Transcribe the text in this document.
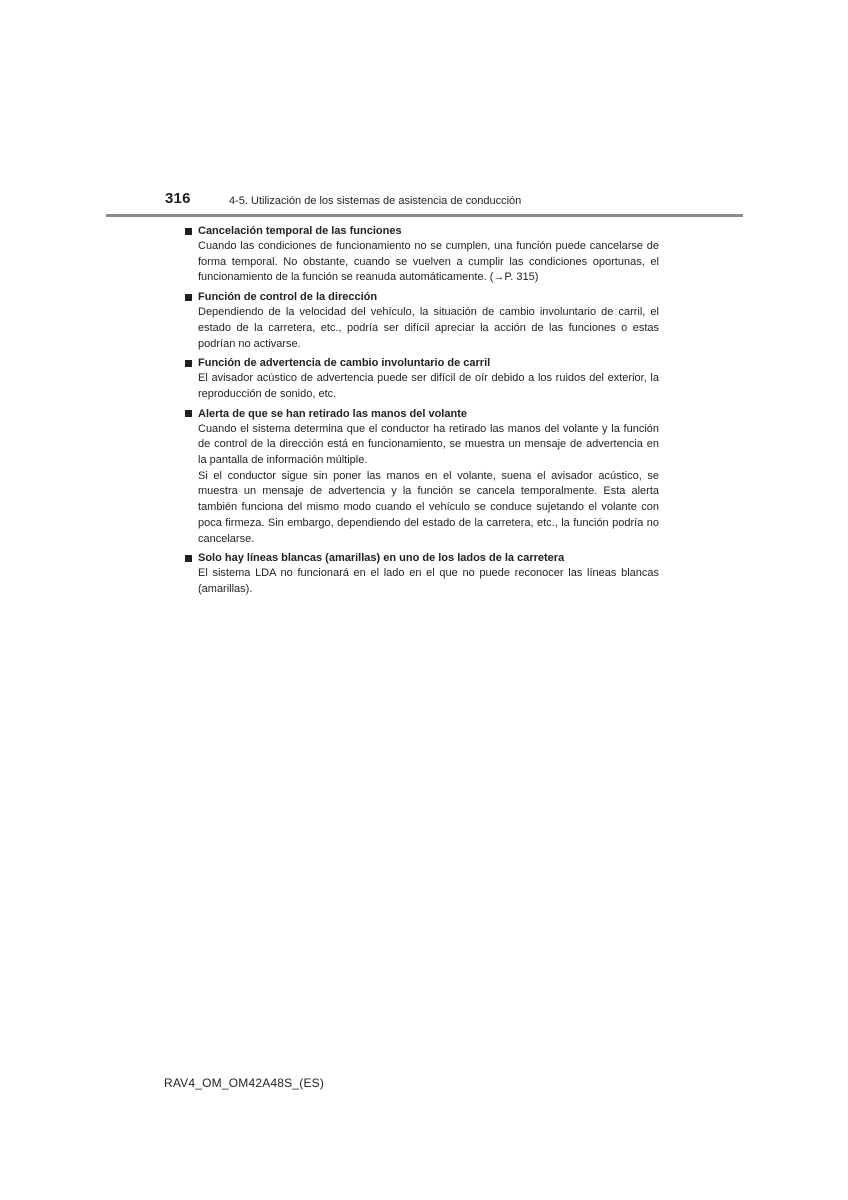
316	4-5. Utilización de los sistemas de asistencia de conducción
Cancelación temporal de las funciones

Cuando las condiciones de funcionamiento no se cumplen, una función puede cancelarse de forma temporal. No obstante, cuando se vuelven a cumplir las condiciones oportunas, el funcionamiento de la función se reanuda automáticamente. (→P. 315)

Función de control de la dirección

Dependiendo de la velocidad del vehículo, la situación de cambio involuntario de carril, el estado de la carretera, etc., podría ser difícil apreciar la acción de las funciones o estas podrían no activarse.

Función de advertencia de cambio involuntario de carril

El avisador acústico de advertencia puede ser difícil de oír debido a los ruidos del exterior, la reproducción de sonido, etc.

Alerta de que se han retirado las manos del volante

Cuando el sistema determina que el conductor ha retirado las manos del volante y la función de control de la dirección está en funcionamiento, se muestra un mensaje de advertencia en la pantalla de información múltiple.

Si el conductor sigue sin poner las manos en el volante, suena el avisador acústico, se muestra un mensaje de advertencia y la función se cancela temporalmente. Esta alerta también funciona del mismo modo cuando el vehículo se conduce sujetando el volante con poca firmeza. Sin embargo, dependiendo del estado de la carretera, etc., la función podría no cancelarse.

Solo hay líneas blancas (amarillas) en uno de los lados de la carretera

El sistema LDA no funcionará en el lado en el que no puede reconocer las líneas blancas (amarillas).

RAV4_OM_OM42A48S_(ES)
